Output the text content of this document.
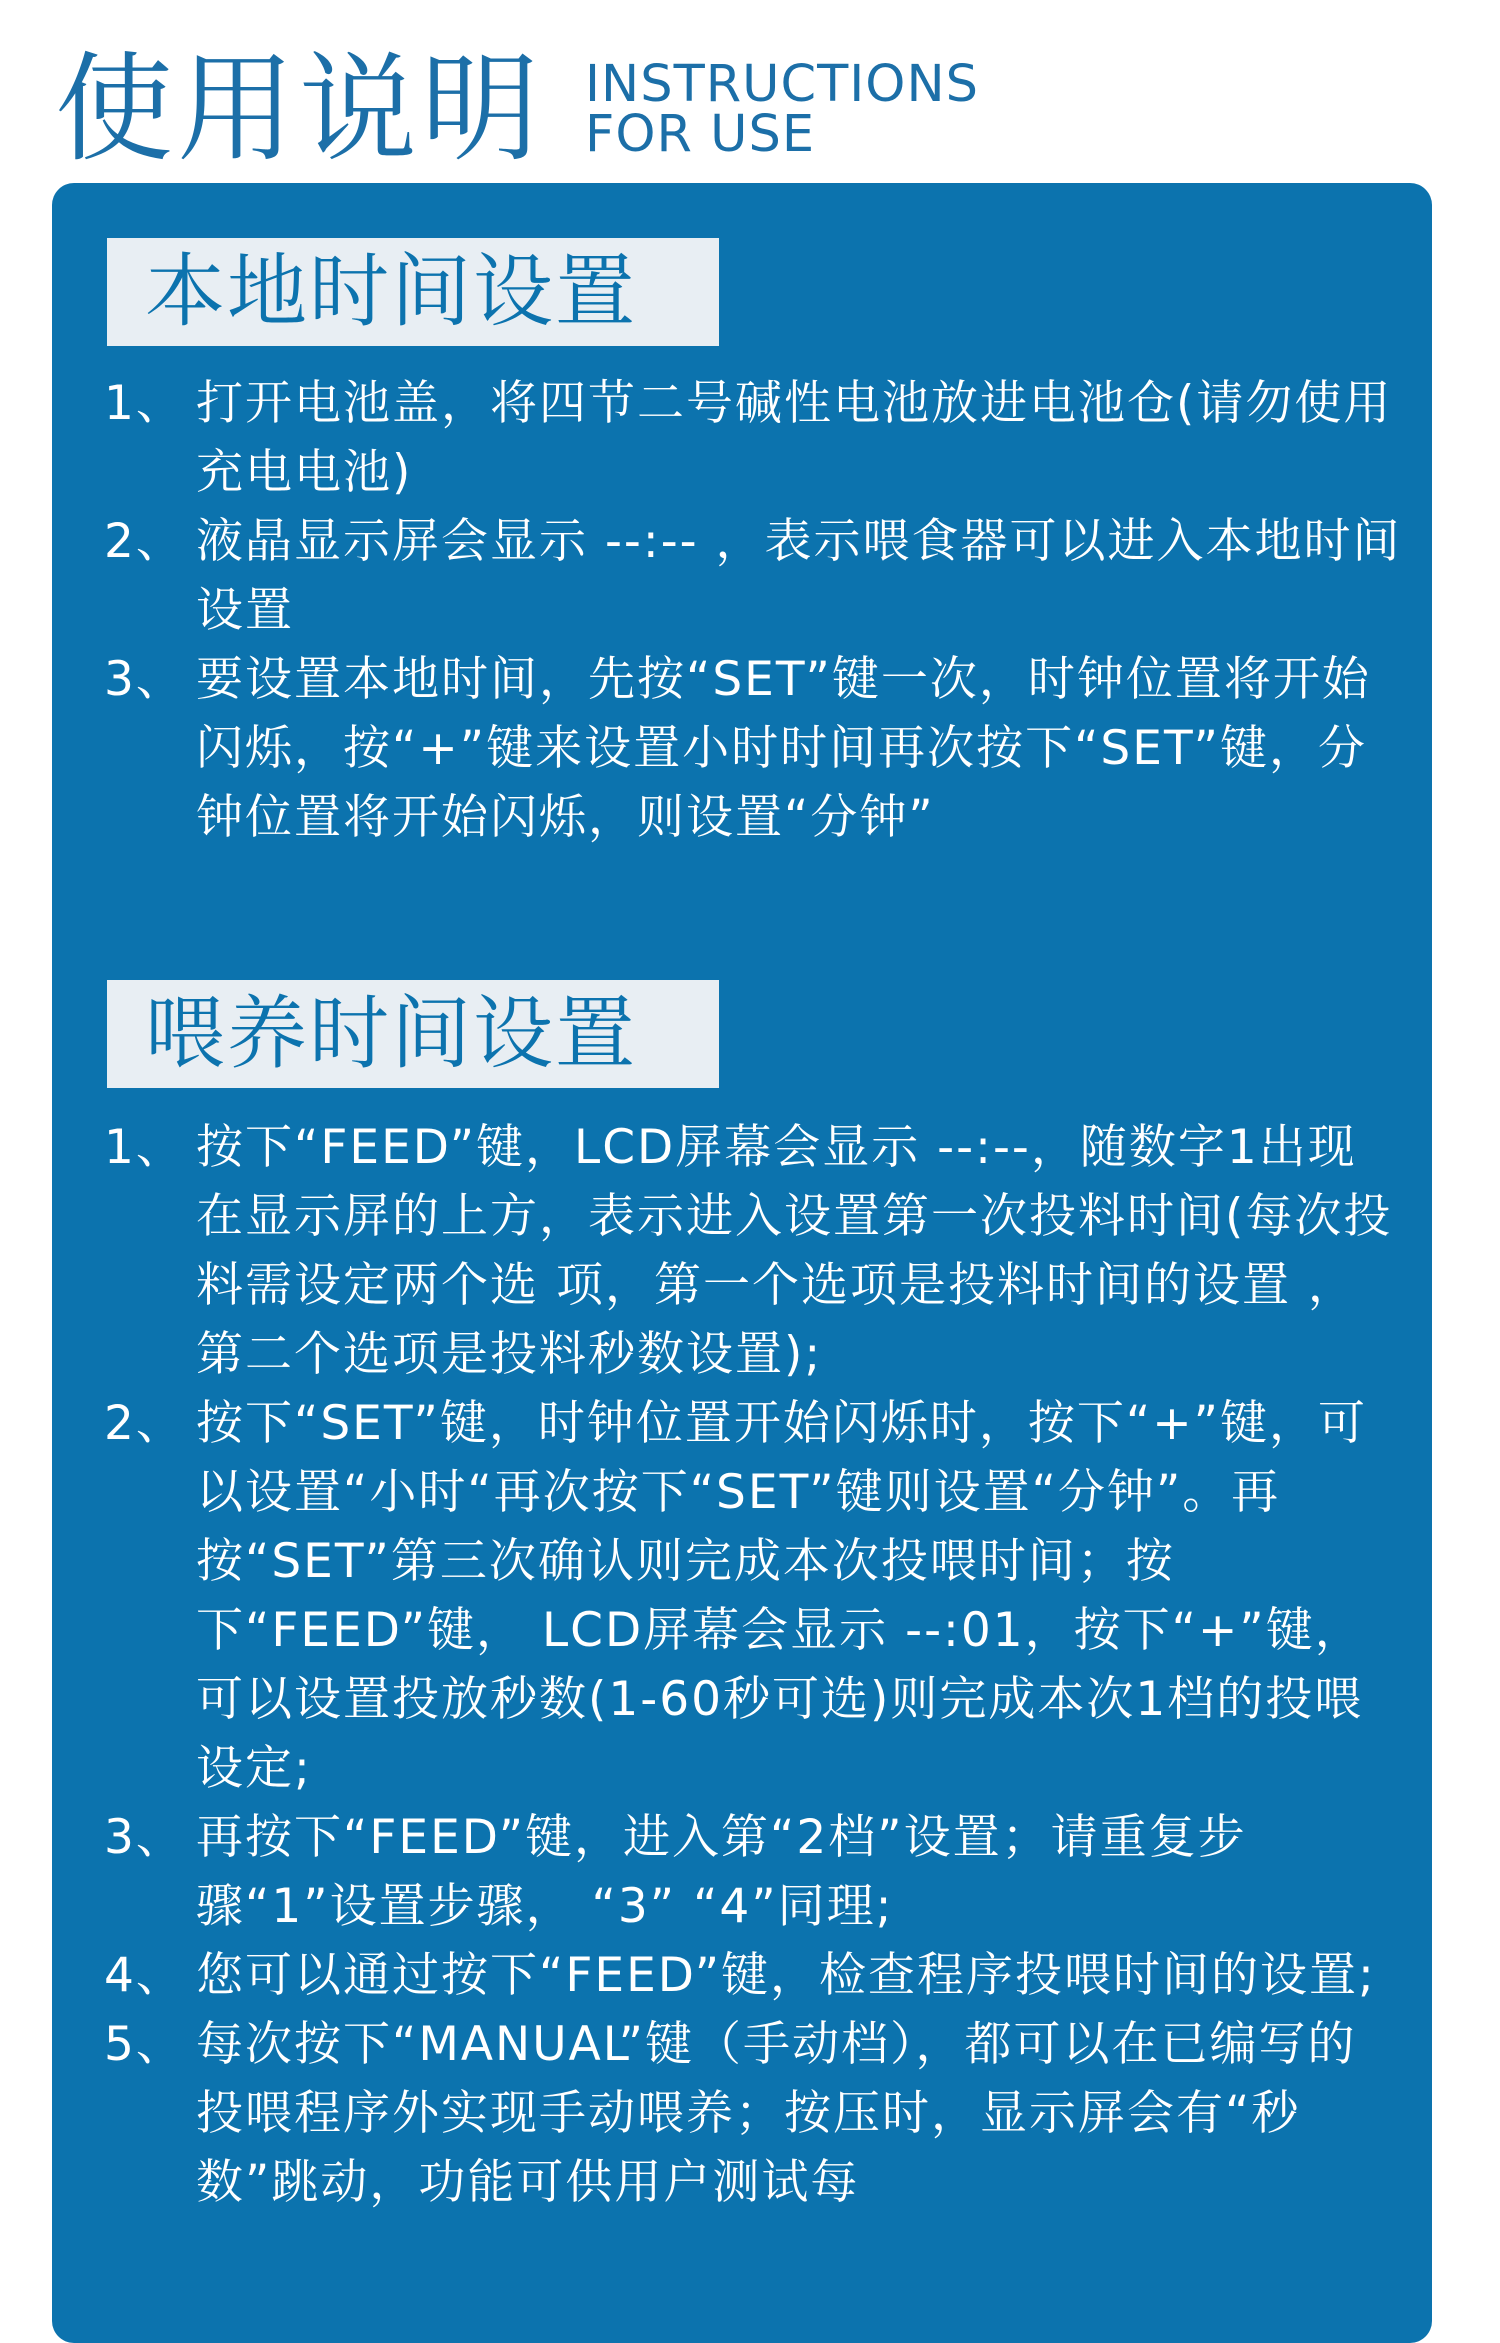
使用说明 INSTRUCTIONS
FOR USE
本地时间设置
1、 打开电池盖，将四节二号碱性电池放进电池仓(请勿使用充电电池)
2、 液晶显示屏会显示 --:-- ，表示喂食器可以进入本地时间设置
3、 要设置本地时间，先按“SET”键一次，时钟位置将开始闪烁，按“+”键来设置小时时间再次按下“SET”键，分钟位置将开始闪烁，则设置“分钟”
喂养时间设置
1、 按下“FEED”键，LCD屏幕会显示 --:--，随数字1出现在显示屏的上方，表示进入设置第一次投料时间(每次投料需设定两个选 项，第一个选项是投料时间的设置 ，第二个选项是投料秒数设置);
2、 按下“SET”键，时钟位置开始闪烁时，按下“+”键，可以设置“小时“再次按下“SET”键则设置“分钟”。再按“SET”第三次确认则完成本次投喂时间；按下“FEED”键， LCD屏幕会显示 --:01，按下“+”键，可以设置投放秒数(1-60秒可选)则完成本次1档的投喂设定;
3、 再按下“FEED”键，进入第“2档”设置；请重复步骤“1”设置步骤， “3” “4”同理;
4、 您可以通过按下“FEED”键，检查程序投喂时间的设置;
5、 每次按下“MANUAL”键（手动档），都可以在已编写的投喂程序外实现手动喂养；按压时，显示屏会有“秒数”跳动，功能可供用户测试每
